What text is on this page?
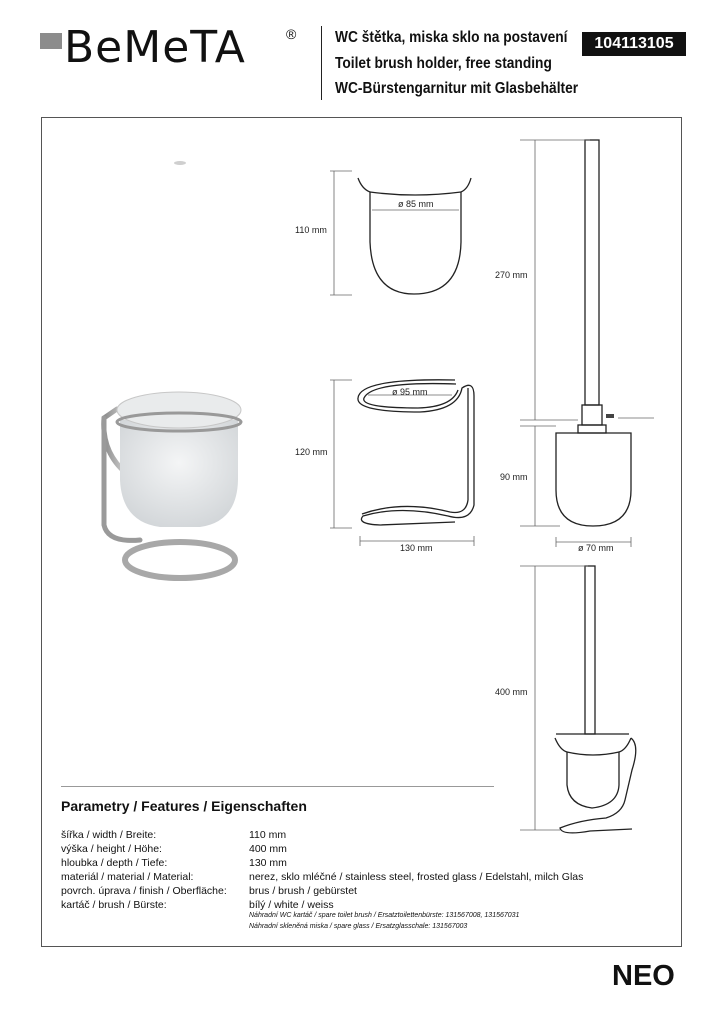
BeMeTA	® WC štětka, miska sklo na postavení
Toilet brush holder, free standing
WC-Bürstengarnitur mit Glasbehälter
104113105
110 mm
ø 85 mm
120 mm
ø 95 mm
130 mm
270 mm
90 mm
ø 70 mm
400 mm
Parametry / Features / Eigenschaften
šířka / width / Breite:	110 mm
výška / height / Höhe:	400 mm
hloubka / depth / Tiefe:	130 mm
materiál / material / Material:	nerez, sklo mléčné / stainless steel, frosted glass / Edelstahl, milch Glas
povrch. úprava / finish / Oberfläche: brus / brush / gebürstet
kartáč / brush / Bürste:	bílý / white / weiss
Náhradní WC kartáč / spare toilet brush / Ersatztoilettenbürste: 131567008, 131567031
Náhradní skleněná miska / spare glass / Ersatzglasschale: 131567003
NEO
